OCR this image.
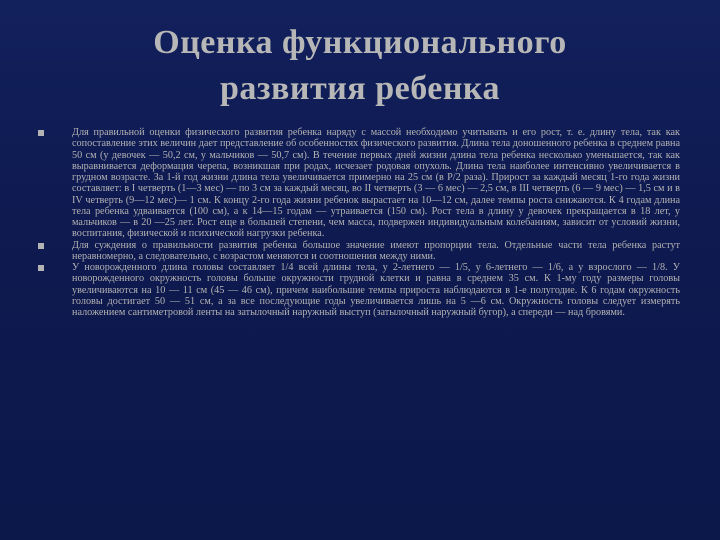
Оценка функционального
развития ребенка
Для правильной оценки физического развития ребенка наряду с массой необходимо учитывать и его рост, т. е. длину тела, так как сопоставление этих величин дает представление об особенностях физического развития. Длина тела доношенного ребенка в среднем равна 50 см (у девочек — 50,2 см, у мальчиков — 50,7 см). В течение первых дней жизни длина тела ребенка несколько уменьшается, так как выравнивается деформация черепа, возникшая при родах, исчезает родовая опухоль. Длина тела наиболее интенсивно увеличивается в грудном возрасте. За 1-й год жизни длина тела увеличивается примерно на 25 см (в P/2 раза). Прирост за каждый месяц 1-го года жизни составляет: в I четверть (1—3 мес) — по 3 см за каждый месяц, во II четверть (3 — 6 мес) — 2,5 см, в III четверть (6 — 9 мес) — 1,5 см и в IV четверть (9—12 мес)— 1 см. К концу 2-го года жизни ребенок вырастает на 10—12 см, далее темпы роста снижаются. К 4 годам длина тела ребенка удваивается (100 см), а к 14—15 годам — утраивается (150 см). Рост тела в длину у девочек прекращается в 18 лет, у мальчиков — в 20 —25 лет. Рост еще в большей степени, чем масса, подвержен индивидуальным колебаниям, зависит от условий жизни, воспитания, физической и психической нагрузки ребенка.
Для суждения о правильности развития ребенка большое значение имеют пропорции тела. Отдельные части тела ребенка растут неравномерно, а следовательно, с возрастом меняются и соотношения между ними.
У новорожденного длина головы составляет 1/4 всей длины тела, у 2-летнего — 1/5, у 6-летнего — 1/6, а у взрослого — 1/8. У новорожденного окружность головы больше окружности грудной клетки и равна в среднем 35 см. К 1-му году размеры головы увеличиваются на 10 — 11 см (45 — 46 см), причем наибольшие темпы прироста наблюдаются в 1-е полугодие. К 6 годам окружность головы достигает 50 — 51 см, а за все последующие годы увеличивается лишь на 5 —6 см. Окружность головы следует измерять наложением сантиметровой ленты на затылочный наружный выступ (затылочный наружный бугор), а спереди — над бровями.
